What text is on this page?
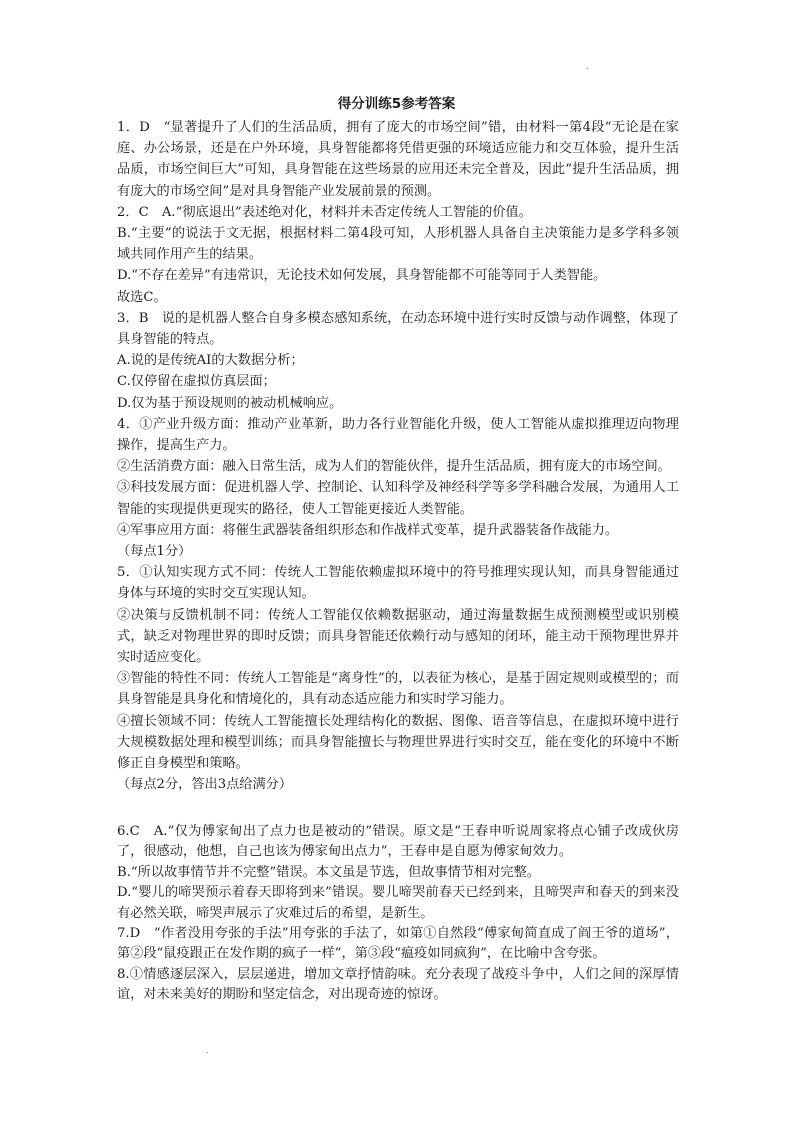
.
得分训练5参考答案

1．D　“显著提升了人们的生活品质，拥有了庞大的市场空间”错，由材料一第4段“无论是在家庭、办公场景，还是在户外环境，具身智能都将凭借更强的环境适应能力和交互体验，提升生活品质，市场空间巨大”可知，具身智能在这些场景的应用还未完全普及，因此“提升生活品质，拥有庞大的市场空间”是对具身智能产业发展前景的预测。

2．C　A.“彻底退出”表述绝对化，材料并未否定传统人工智能的价值。

B.“主要”的说法于文无据，根据材料二第4段可知，人形机器人具备自主决策能力是多学科多领域共同作用产生的结果。

D.“不存在差异”有违常识，无论技术如何发展，具身智能都不可能等同于人类智能。

故选C。

3．B　说的是机器人整合自身多模态感知系统，在动态环境中进行实时反馈与动作调整，体现了具身智能的特点。

A.说的是传统AI的大数据分析；

C.仅停留在虚拟仿真层面；

D.仅为基于预设规则的被动机械响应。

4．①产业升级方面：推动产业革新，助力各行业智能化升级，使人工智能从虚拟推理迈向物理操作，提高生产力。

②生活消费方面：融入日常生活，成为人们的智能伙伴，提升生活品质，拥有庞大的市场空间。

③科技发展方面：促进机器人学、控制论、认知科学及神经科学等多学科融合发展，为通用人工智能的实现提供更现实的路径，使人工智能更接近人类智能。

④军事应用方面：将催生武器装备组织形态和作战样式变革，提升武器装备作战能力。

（每点1分）

5．①认知实现方式不同：传统人工智能依赖虚拟环境中的符号推理实现认知，而具身智能通过身体与环境的实时交互实现认知。

②决策与反馈机制不同：传统人工智能仅依赖数据驱动，通过海量数据生成预测模型或识别模式，缺乏对物理世界的即时反馈；而具身智能还依赖行动与感知的闭环，能主动干预物理世界并实时适应变化。

③智能的特性不同：传统人工智能是“离身性”的，以表征为核心，是基于固定规则或模型的；而具身智能是具身化和情境化的，具有动态适应能力和实时学习能力。

④擅长领域不同：传统人工智能擅长处理结构化的数据、图像、语音等信息，在虚拟环境中进行大规模数据处理和模型训练；而具身智能擅长与物理世界进行实时交互，能在变化的环境中不断修正自身模型和策略。

（每点2分，答出3点给满分）

6.C　A.“仅为傅家甸出了点力也是被动的”错误。原文是“王春申听说周家将点心铺子改成伙房了，很感动，他想，自己也该为傅家甸出点力”，王春申是自愿为傅家甸效力。

B.“所以故事情节并不完整”错误。本文虽是节选，但故事情节相对完整。

D.“婴儿的啼哭预示着春天即将到来”错误。婴儿啼哭前春天已经到来，且啼哭声和春天的到来没有必然关联，啼哭声展示了灾难过后的希望，是新生。

7.D　“作者没用夸张的手法”用夸张的手法了，如第①自然段“傅家甸简直成了阎王爷的道场”，第②段“鼠疫跟正在发作期的疯子一样”，第③段“瘟疫如同疯狗”，在比喻中含夸张。

8.①情感逐层深入，层层递进，增加文章抒情韵味。充分表现了战疫斗争中，人们之间的深厚情谊，对未来美好的期盼和坚定信念，对出现奇迹的惊讶。

.
